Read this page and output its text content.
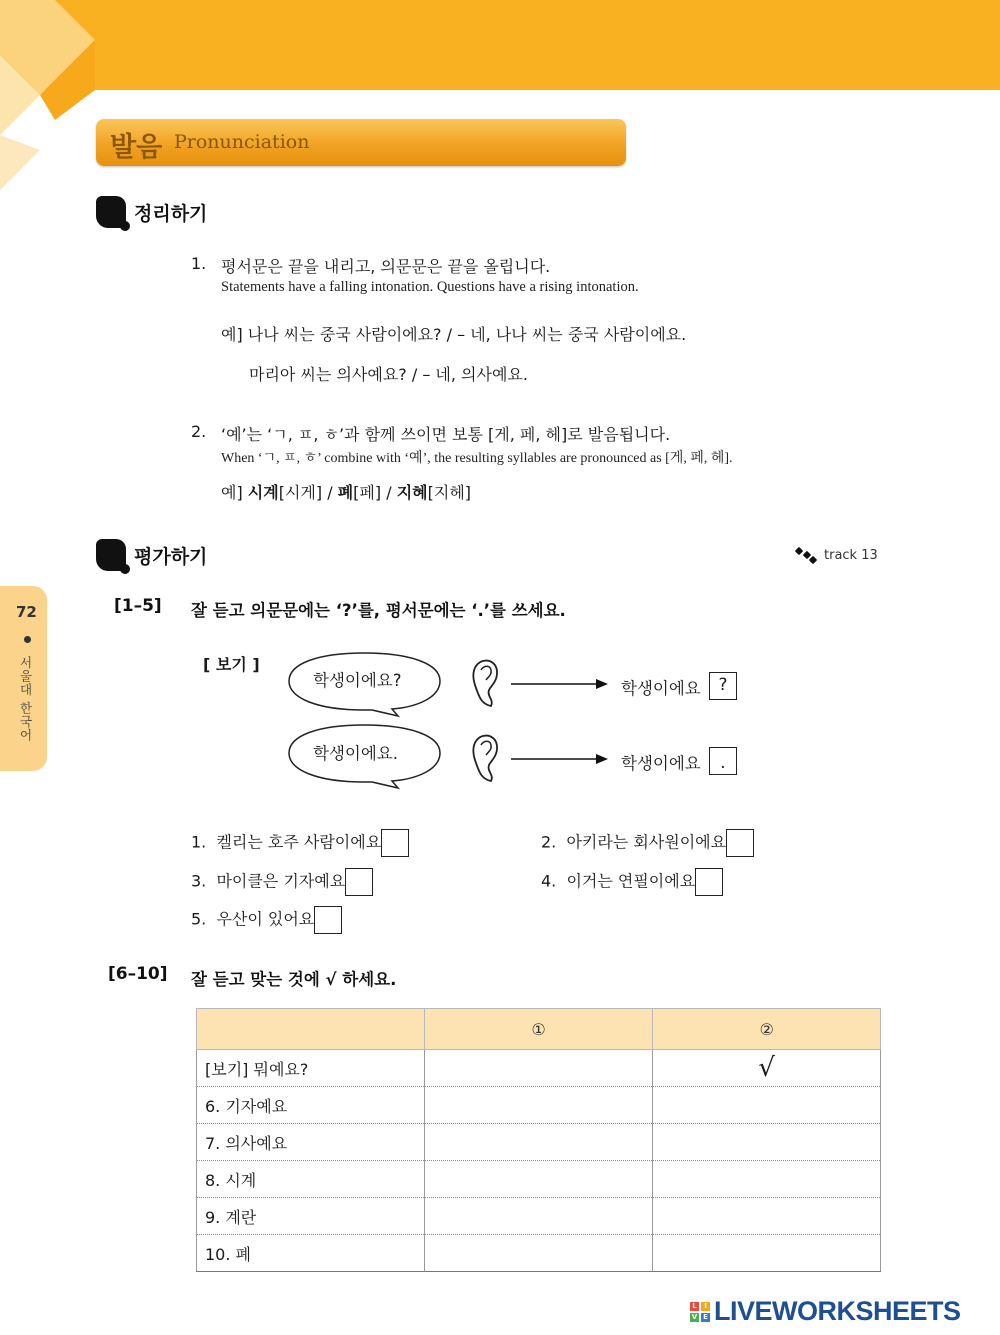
발음 Pronunciation
정리하기
1. 평서문은 끝을 내리고, 의문문은 끝을 올립니다.
Statements have a falling intonation. Questions have a rising intonation.
예] 나나 씨는 중국 사람이에요? / – 네, 나나 씨는 중국 사람이에요.
마리아 씨는 의사예요? / – 네, 의사예요.
2. ‘예’는 ‘ㄱ, ㅍ, ㅎ’과 함께 쓰이면 보통 [게, 페, 헤]로 발음됩니다.
When ‘ㄱ, ㅍ, ㅎ’ combine with ‘예’, the resulting syllables are pronounced as [게, 페, 헤].
예] 시계[시게] / 폐[페] / 지혜[지헤]
평가하기	track 13
72
서울대 한국어
[1–5] 잘 듣고 의문문에는 ‘?’를, 평서문에는 ‘.’를 쓰세요.
[ 보기 ]
학생이에요?
학생이에요.
학생이에요	?
학생이에요	.
1. 켈리는 호주 사람이에요	2. 아키라는 회사원이에요
3. 마이클은 기자예요	4. 이거는 연필이에요
5. 우산이 있어요
[6–10] 잘 듣고 맞는 것에 √ 하세요.
	①	②
[보기] 뭐예요?		√
6. 기자예요		
7. 의사예요		
8. 시계		
9. 계란		
10. 폐		
L	I
V E LIVEWORKSHEETS
